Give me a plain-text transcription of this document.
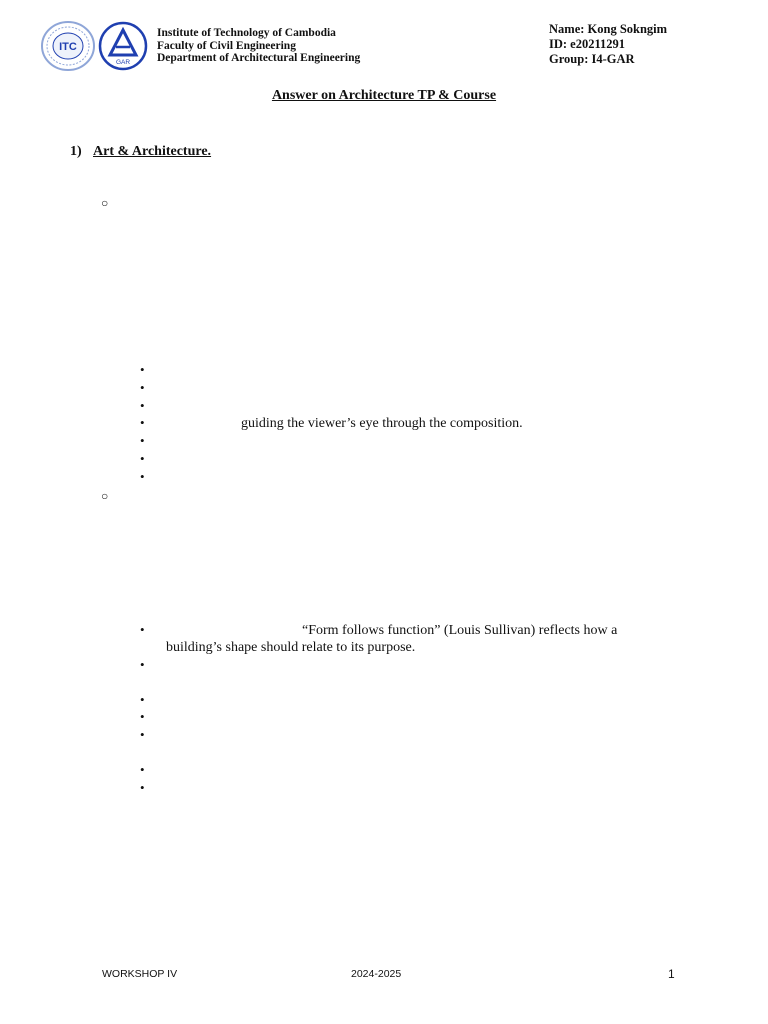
ITC
GAR
Institute of Technology of Cambodia
Faculty of Civil Engineering
Department of Architectural Engineering
Name: Kong Sokngim
ID: e20211291
Group: I4-GAR
Answer on Architecture TP & Course
1) Art & Architecture.
○
○
•
•
•
•	guiding the viewer’s eye through the composition.
•
•
•
•	“Form follows function” (Louis Sullivan) reflects how a
building’s shape should relate to its purpose.
•
•
•
•
•
•
WORKSHOP IV	2024-2025	1
